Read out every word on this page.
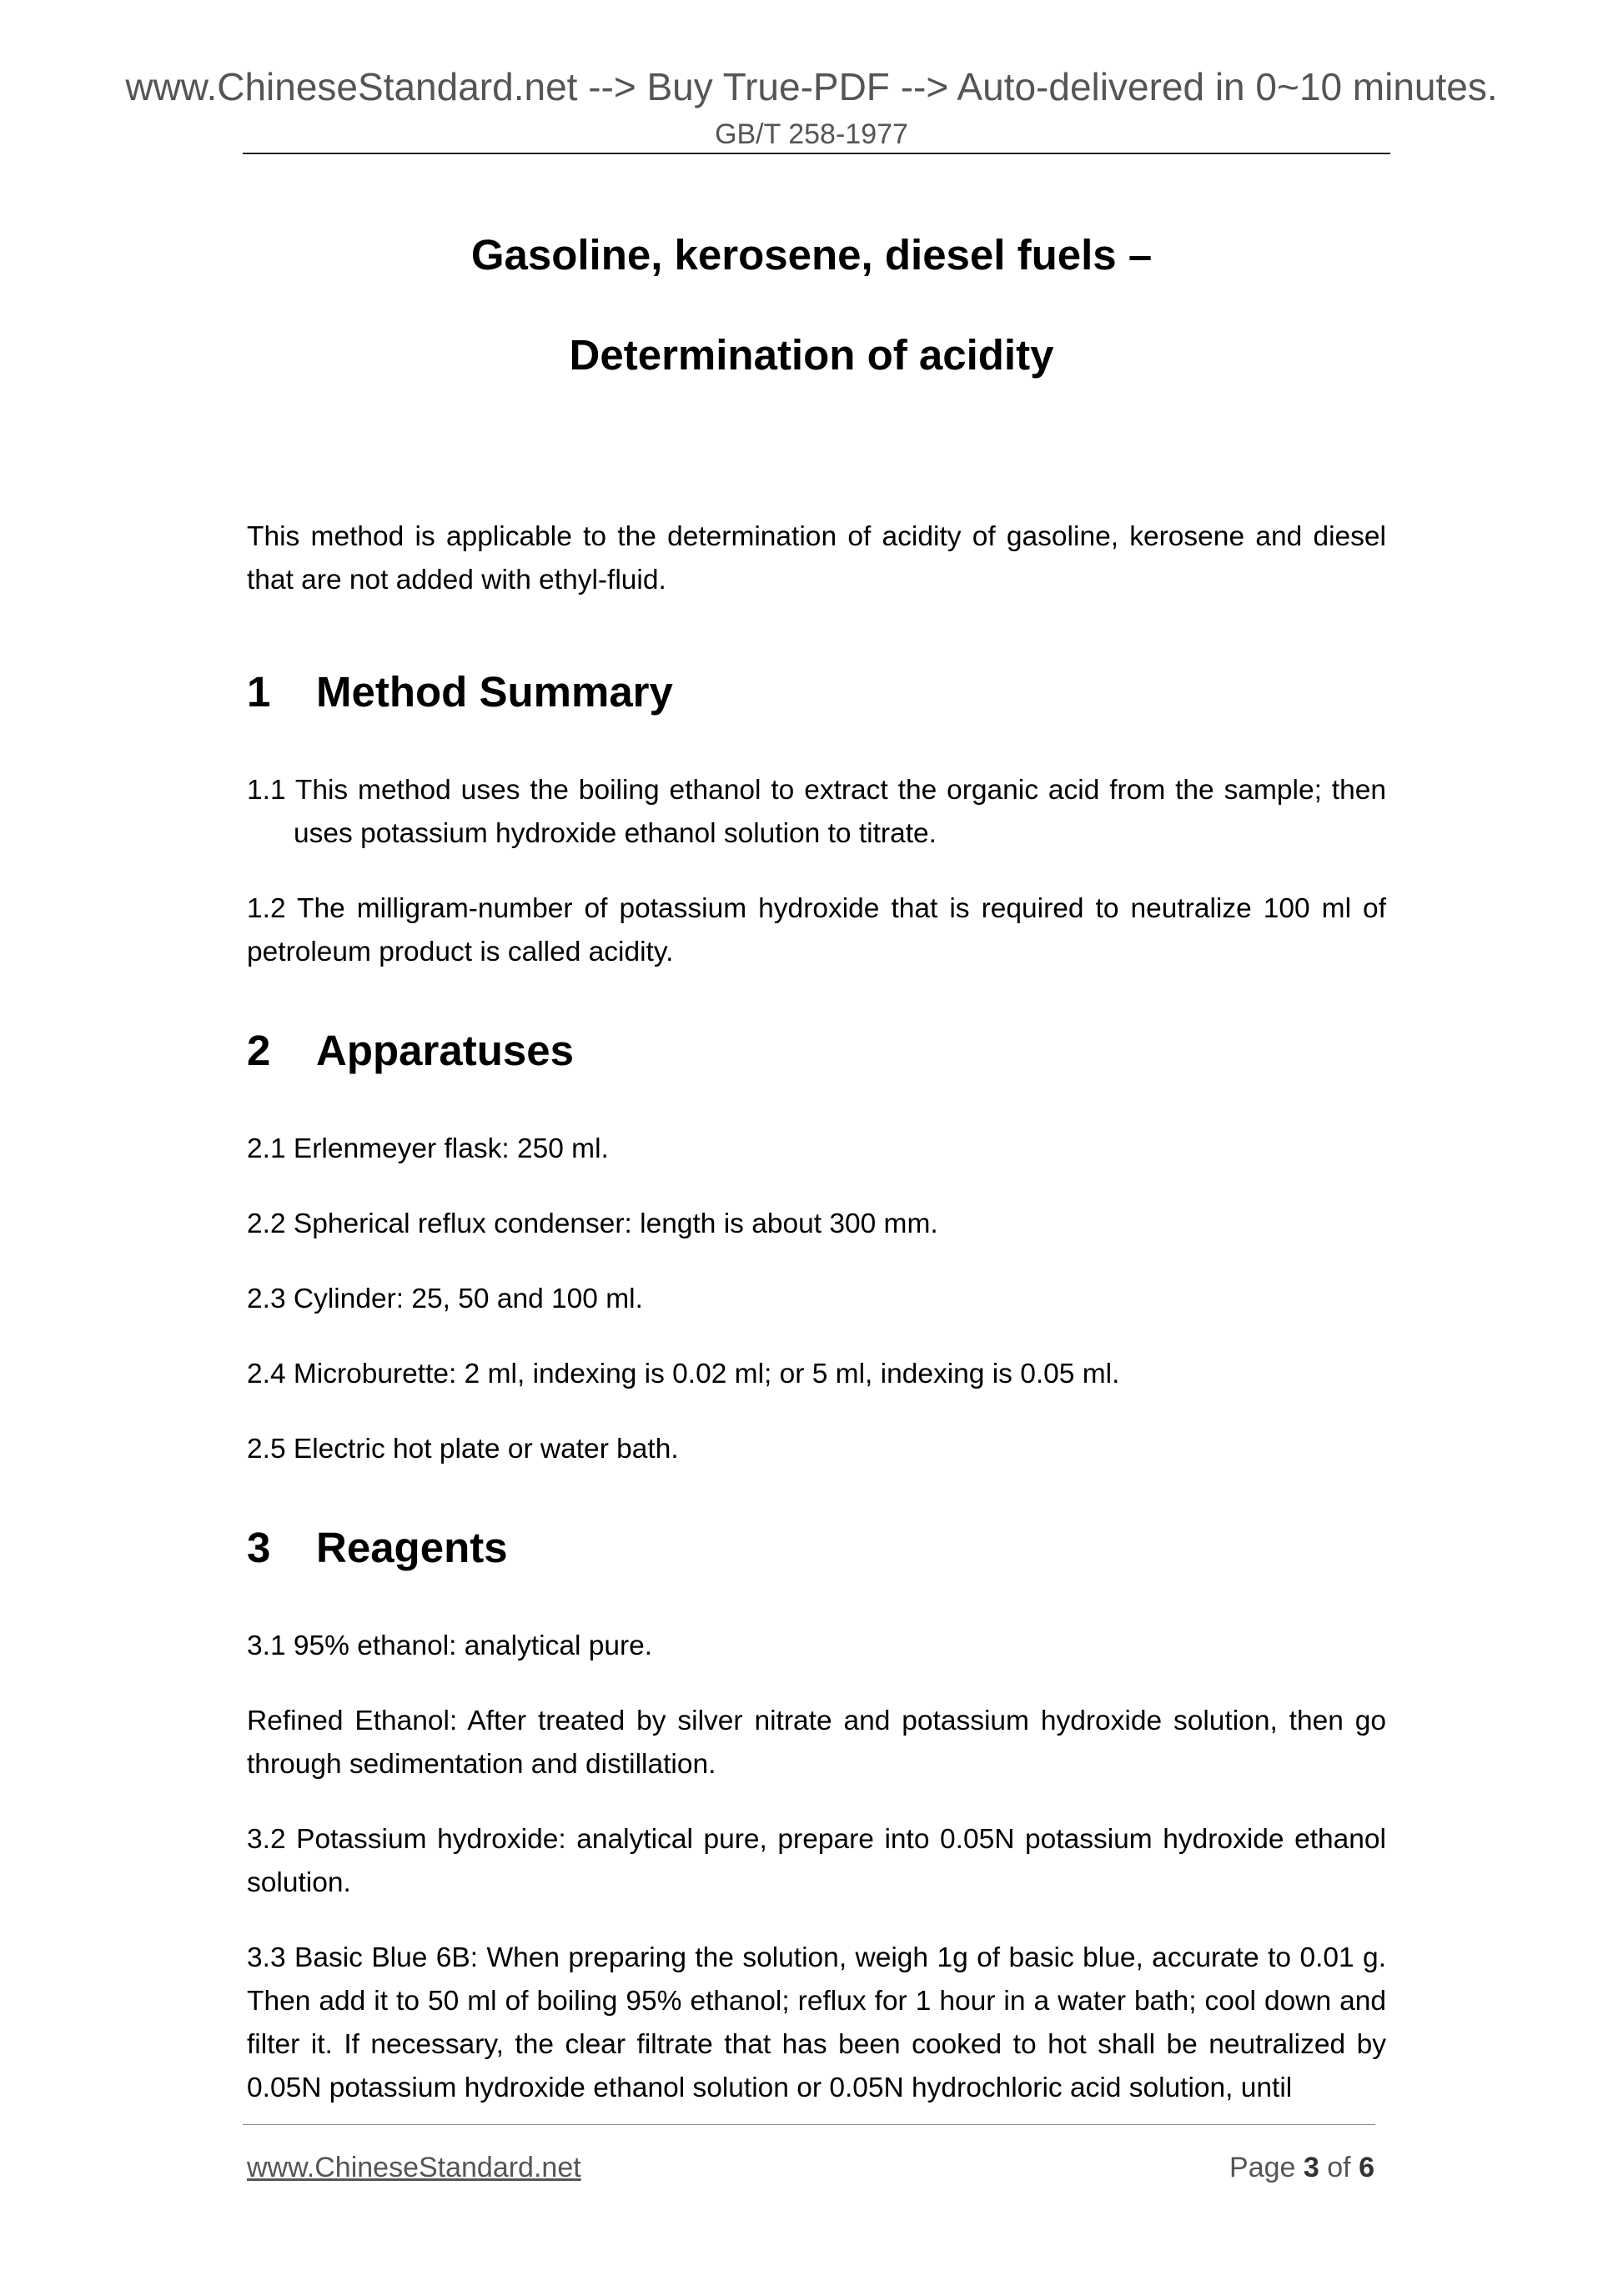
www.ChineseStandard.net --> Buy True-PDF --> Auto-delivered in 0~10 minutes.
GB/T 258-1977
Gasoline, kerosene, diesel fuels –
Determination of acidity

This method is applicable to the determination of acidity of gasoline, kerosene and diesel that are not added with ethyl-fluid.

1	Method Summary

1.1 This method uses the boiling ethanol to extract the organic acid from the sample; then uses potassium hydroxide ethanol solution to titrate.

1.2 The milligram-number of potassium hydroxide that is required to neutralize 100 ml of petroleum product is called acidity.

2	Apparatuses

2.1 Erlenmeyer flask: 250 ml.

2.2 Spherical reflux condenser: length is about 300 mm.

2.3 Cylinder: 25, 50 and 100 ml.

2.4 Microburette: 2 ml, indexing is 0.02 ml; or 5 ml, indexing is 0.05 ml.

2.5 Electric hot plate or water bath.

3	Reagents

3.1 95% ethanol: analytical pure.

Refined Ethanol: After treated by silver nitrate and potassium hydroxide solution, then go through sedimentation and distillation.

3.2 Potassium hydroxide: analytical pure, prepare into 0.05N potassium hydroxide ethanol solution.

3.3 Basic Blue 6B: When preparing the solution, weigh 1g of basic blue, accurate to 0.01 g. Then add it to 50 ml of boiling 95% ethanol; reflux for 1 hour in a water bath; cool down and filter it. If necessary, the clear filtrate that has been cooked to hot shall be neutralized by 0.05N potassium hydroxide ethanol solution or 0.05N hydrochloric acid solution, until

www.ChineseStandard.net	Page 3 of 6
